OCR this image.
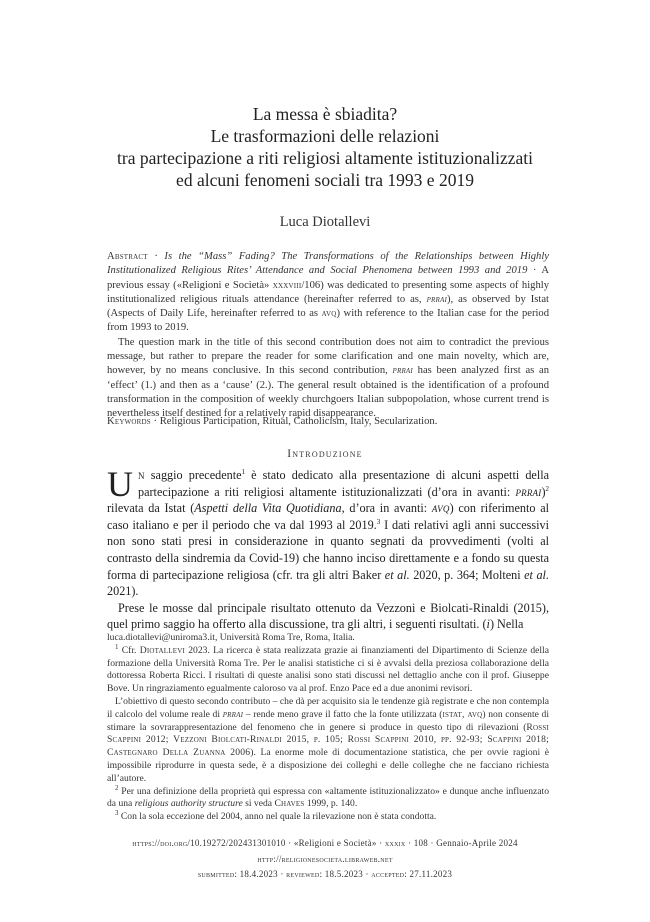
La messa è sbiadita?
Le trasformazioni delle relazioni
tra partecipazione a riti religiosi altamente istituzionalizzati
ed alcuni fenomeni sociali tra 1993 e 2019
Luca Diotallevi

Abstract · Is the “Mass” Fading? The Transformations of the Relationships between Highly Institutionalized Religious Rites’ Attendance and Social Phenomena between 1993 and 2019 · A previous essay («Religioni e Società» xxxviii/106) was dedicated to presenting some aspects of highly institutionalized religious rituals attendance (hereinafter referred to as, prrai), as observed by Istat (Aspects of Daily Life, hereinafter referred to as avq) with reference to the Italian case for the period from 1993 to 2019.

The question mark in the title of this second contribution does not aim to contradict the previous message, but rather to prepare the reader for some clarification and one main novelty, which are, however, by no means conclusive. In this second contribution, prrai has been analyzed first as an ‘effect’ (1.) and then as a ‘cause’ (2.). The general result obtained is the identification of a profound transformation in the composition of weekly churchgoers Italian subpopolation, whose current trend is nevertheless itself destined for a relatively rapid disappearance.

Keywords · Religious Participation, Ritual, Catholicism, Italy, Secularization.
Introduzione

Un saggio precedente$^1$ è stato dedicato alla presentazione di alcuni aspetti della partecipazione a riti religiosi altamente istituzionalizzati (d’ora in avanti: prrai)$^2$ rilevata da Istat (Aspetti della Vita Quotidiana, d’ora in avanti: avq) con riferimento al caso italiano e per il periodo che va dal 1993 al 2019.$^3$ I dati relativi agli anni successivi non sono stati presi in considerazione in quanto segnati da provvedimenti (volti al contrasto della sindremia da Covid-19) che hanno inciso direttamente e a fondo su questa forma di partecipazione religiosa (cfr. tra gli altri Baker et al. 2020, p. 364; Molteni et al. 2021).

Prese le mosse dal principale risultato ottenuto da Vezzoni e Biolcati-Rinaldi (2015), quel primo saggio ha offerto alla discussione, tra gli altri, i seguenti risultati. (i) Nella

luca.diotallevi@uniroma3.it, Università Roma Tre, Roma, Italia.

$^1$ Cfr. Diotallevi 2023. La ricerca è stata realizzata grazie ai finanziamenti del Dipartimento di Scienze della formazione della Università Roma Tre. Per le analisi statistiche ci si è avvalsi della preziosa collaborazione della dottoressa Roberta Ricci. I risultati di queste analisi sono stati discussi nel dettaglio anche con il prof. Giuseppe Bove. Un ringraziamento egualmente caloroso va al prof. Enzo Pace ed a due anonimi revisori.

L’obiettivo di questo secondo contributo – che dà per acquisito sia le tendenze già registrate e che non contempla il calcolo del volume reale di prrai – rende meno grave il fatto che la fonte utilizzata (istat, avq) non consente di stimare la sovrarappresentazione del fenomeno che in genere si produce in questo tipo di rilevazioni (Rossi Scappini 2012; Vezzoni Biolcati-Rinaldi 2015, p. 105; Rossi Scappini 2010, pp. 92-93; Scappini 2018; Castegnaro Della Zuanna 2006). La enorme mole di documentazione statistica, che per ovvie ragioni è impossibile riprodurre in questa sede, è a disposizione dei colleghi e delle colleghe che ne facciano richiesta all’autore.

$^2$ Per una definizione della proprietà qui espressa con «altamente istituzionalizzato» e dunque anche influenzato da una religious authority structure si veda Chaves 1999, p. 140.

$^3$ Con la sola eccezione del 2004, anno nel quale la rilevazione non è stata condotta.

https://doi.org/10.19272/202431301010 · «Religioni e Società» · xxxix · 108 · Gennaio-Aprile 2024
http://religionesocieta.libraweb.net
submitted: 18.4.2023 · reviewed: 18.5.2023 · accepted: 27.11.2023
